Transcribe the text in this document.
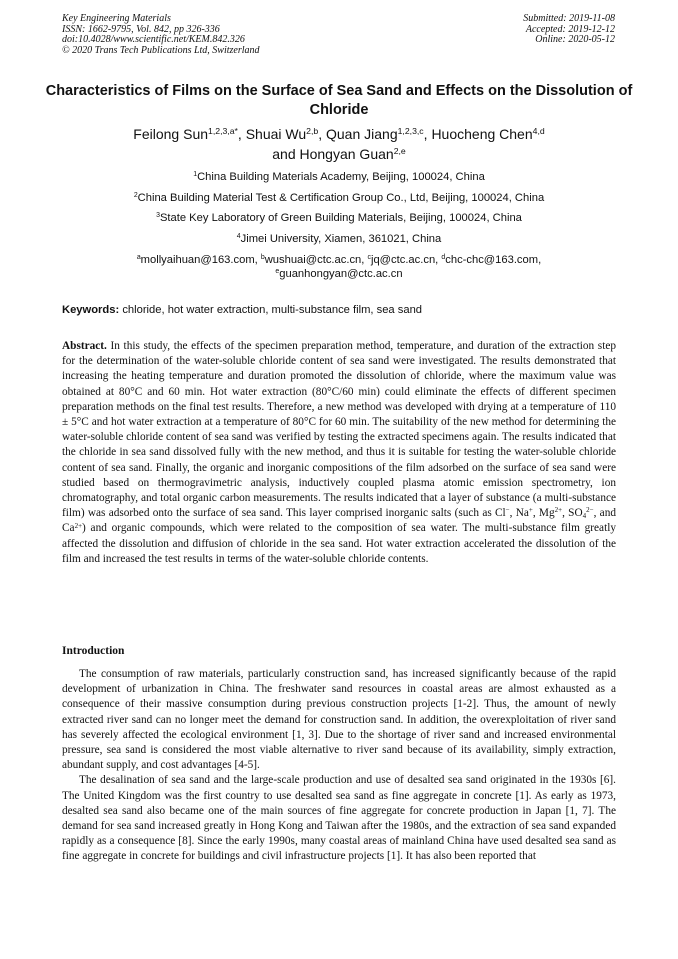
Key Engineering Materials
ISSN: 1662-9795, Vol. 842, pp 326-336
doi:10.4028/www.scientific.net/KEM.842.326
© 2020 Trans Tech Publications Ltd, Switzerland
Submitted: 2019-11-08
Accepted: 2019-12-12
Online: 2020-05-12
Characteristics of Films on the Surface of Sea Sand and Effects on the Dissolution of Chloride
Feilong Sun$^{1,2,3,a*}$, Shuai Wu$^{2,b}$, Quan Jiang$^{1,2,3,c}$, Huocheng Chen$^{4,d}$
and Hongyan Guan$^{2,e}$
$^1$China Building Materials Academy, Beijing, 100024, China
$^2$China Building Material Test & Certification Group Co., Ltd, Beijing, 100024, China
$^3$State Key Laboratory of Green Building Materials, Beijing, 100024, China
$^4$Jimei University, Xiamen, 361021, China
$^a$mollyaihuan@163.com, $^b$wushuai@ctc.ac.cn, $^c$jq@ctc.ac.cn, $^d$chc-chc@163.com,
$^e$guanhongyan@ctc.ac.cn
Keywords: chloride, hot water extraction, multi-substance film, sea sand
Abstract. In this study, the effects of the specimen preparation method, temperature, and duration of the extraction step for the determination of the water-soluble chloride content of sea sand were investigated. The results demonstrated that increasing the heating temperature and duration promoted the dissolution of chloride, where the maximum value was obtained at 80°C and 60 min. Hot water extraction (80°C/60 min) could eliminate the effects of different specimen preparation methods on the final test results. Therefore, a new method was developed with drying at a temperature of 110 ± 5°C and hot water extraction at a temperature of 80°C for 60 min. The suitability of the new method for determining the water-soluble chloride content of sea sand was verified by testing the extracted specimens again. The results indicated that the chloride in sea sand dissolved fully with the new method, and thus it is suitable for testing the water-soluble chloride content of sea sand. Finally, the organic and inorganic compositions of the film adsorbed on the surface of sea sand were studied based on thermogravimetric analysis, inductively coupled plasma atomic emission spectrometry, ion chromatography, and total organic carbon measurements. The results indicated that a layer of substance (a multi-substance film) was adsorbed onto the surface of sea sand. This layer comprised inorganic salts (such as Cl−, Na+, $Mg^{2+}$, $SO_4^{2-}$, and $Ca^{2+}$) and organic compounds, which were related to the composition of sea water. The multi-substance film greatly affected the dissolution and diffusion of chloride in the sea sand. Hot water extraction accelerated the dissolution of the film and increased the test results in terms of the water-soluble chloride contents.
Introduction

The consumption of raw materials, particularly construction sand, has increased significantly because of the rapid development of urbanization in China. The freshwater sand resources in coastal areas are almost exhausted as a consequence of their massive consumption during previous construction projects [1-2]. Thus, the amount of newly extracted river sand can no longer meet the demand for construction sand. In addition, the overexploitation of river sand has severely affected the ecological environment [1, 3]. Due to the shortage of river sand and increased environmental pressure, sea sand is considered the most viable alternative to river sand because of its availability, simply extraction, abundant supply, and cost advantages [4-5].

The desalination of sea sand and the large-scale production and use of desalted sea sand originated in the 1930s [6]. The United Kingdom was the first country to use desalted sea sand as fine aggregate in concrete [1]. As early as 1973, desalted sea sand also became one of the main sources of fine aggregate for concrete production in Japan [1, 7]. The demand for sea sand increased greatly in Hong Kong and Taiwan after the 1980s, and the extraction of sea sand expanded rapidly as a consequence [8]. Since the early 1990s, many coastal areas of mainland China have used desalted sea sand as fine aggregate in concrete for buildings and civil infrastructure projects [1]. It has also been reported that
